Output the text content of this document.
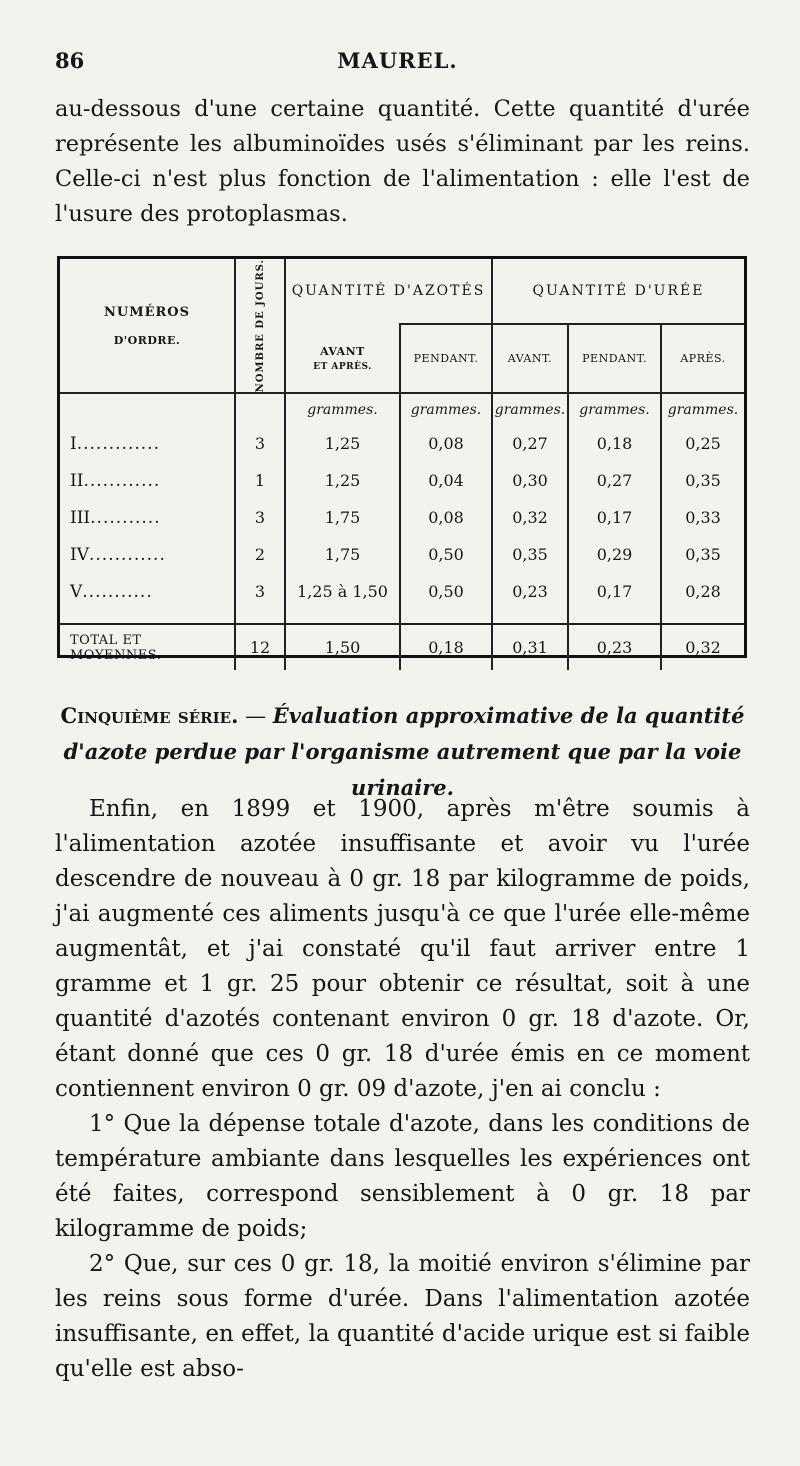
86	MAUREL.

au-dessous d'une certaine quantité. Cette quantité d'urée représente les albuminoïdes usés s'éliminant par les reins. Celle-ci n'est plus fonction de l'alimentation : elle l'est de l'usure des protoplasmas.

NUMÉROS
D'ORDRE.	NOMBRE DE JOURS.	QUANTITÉ D'AZOTÉS		QUANTITÉ D'URÉE		

		AVANT
ET APRÈS.	PENDANT.	AVANT.	PENDANT.	APRÈS.
		grammes.	grammes.	grammes.	grammes.	grammes.
I.............	3	1,25	0,08	0,27	0,18	0,25
II............	1	1,25	0,04	0,30	0,27	0,35
III...........	3	1,75	0,08	0,32	0,17	0,33
IV............	2	1,75	0,50	0,35	0,29	0,35
V...........	3	1,25 à 1,50	0,50	0,23	0,17	0,28

TOTAL ET MOYENNES.	12	1,50	0,18	0,31	0,23	0,32

Cinquième série. — Évaluation approximative de la quantité d'azote perdue par l'organisme autrement que par la voie urinaire.

Enfin, en 1899 et 1900, après m'être soumis à l'alimentation azotée insuffisante et avoir vu l'urée descendre de nouveau à 0 gr. 18 par kilogramme de poids, j'ai augmenté ces aliments jusqu'à ce que l'urée elle-même augmentât, et j'ai constaté qu'il faut arriver entre 1 gramme et 1 gr. 25 pour obtenir ce résultat, soit à une quantité d'azotés contenant environ 0 gr. 18 d'azote. Or, étant donné que ces 0 gr. 18 d'urée émis en ce moment contiennent environ 0 gr. 09 d'azote, j'en ai conclu :

1° Que la dépense totale d'azote, dans les conditions de température ambiante dans lesquelles les expériences ont été faites, correspond sensiblement à 0 gr. 18 par kilogramme de poids;

2° Que, sur ces 0 gr. 18, la moitié environ s'élimine par les reins sous forme d'urée. Dans l'alimentation azotée insuffisante, en effet, la quantité d'acide urique est si faible qu'elle est abso-
